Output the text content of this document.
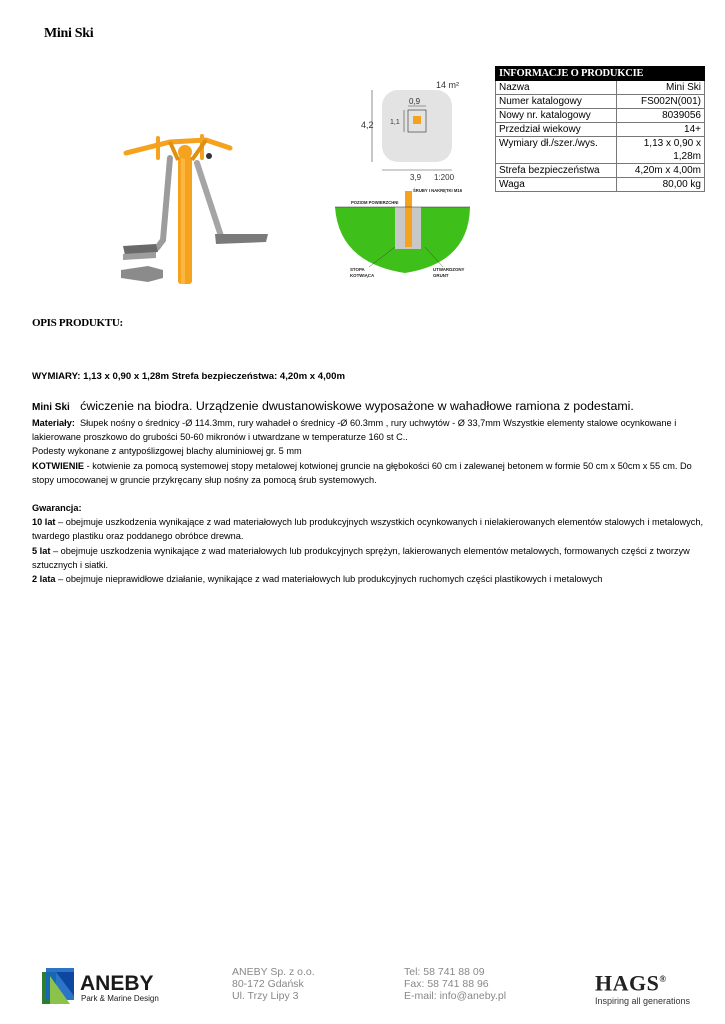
Mini Ski
14 m²
4,2
0,9
1,1
3,9 1:200
ŚRUBY I NAKRĘTKI M16
POZIOM POWIERZCHNI
STOPA
KOTWIĄCA
UTWARDZONY
GRUNT
INFORMACJE O PRODUKCIE	
Nazwa	Mini Ski
Numer katalogowy	FS002N(001)
Nowy nr. katalogowy	8039056
Przedział wiekowy	14+
Wymiary dł./szer./wys.	1,13 x 0,90 x 1,28m
Strefa bezpieczeństwa	4,20m x 4,00m
Waga	80,00 kg
OPIS PRODUKTU:
WYMIARY: 1,13 x 0,90 x 1,28m Strefa bezpieczeństwa: 4,20m x 4,00m

Mini Ski ćwiczenie na biodra. Urządzenie dwustanowiskowe wyposażone w wahadłowe ramiona z podestami.

Materiały: Słupek nośny o średnicy -Ø 114.3mm, rury wahadeł o średnicy -Ø 60.3mm , rury uchwytów - Ø 33,7mm Wszystkie elementy stalowe ocynkowane i lakierowane proszkowo do grubości 50-60 mikronów i utwardzane w temperaturze 160 st C..

Podesty wykonane z antypoślizgowej blachy aluminiowej gr. 5 mm

KOTWIENIE - kotwienie za pomocą systemowej stopy metalowej kotwionej gruncie na głębokości 60 cm i zalewanej betonem w formie 50 cm x 50cm x 55 cm. Do stopy umocowanej w gruncie przykręcany słup nośny za pomocą śrub systemowych.

Gwarancja:

10 lat – obejmuje uszkodzenia wynikające z wad materiałowych lub produkcyjnych wszystkich ocynkowanych i nielakierowanych elementów stalowych i metalowych, twardego plastiku oraz poddanego obróbce drewna.

5 lat – obejmuje uszkodzenia wynikające z wad materiałowych lub produkcyjnych sprężyn, lakierowanych elementów metalowych, formowanych części z tworzyw sztucznych i siatki.

2 lata – obejmuje nieprawidłowe działanie, wynikające z wad materiałowych lub produkcyjnych ruchomych części plastikowych i metalowych

ANEBY
Park & Marine Design
ANEBY Sp. z o.o.
80-172 Gdańsk
Ul. Trzy Lipy 3
Tel: 58 741 88 09
Fax: 58 741 88 96
E-mail: info@aneby.pl
HAGS®
Inspiring all generations
